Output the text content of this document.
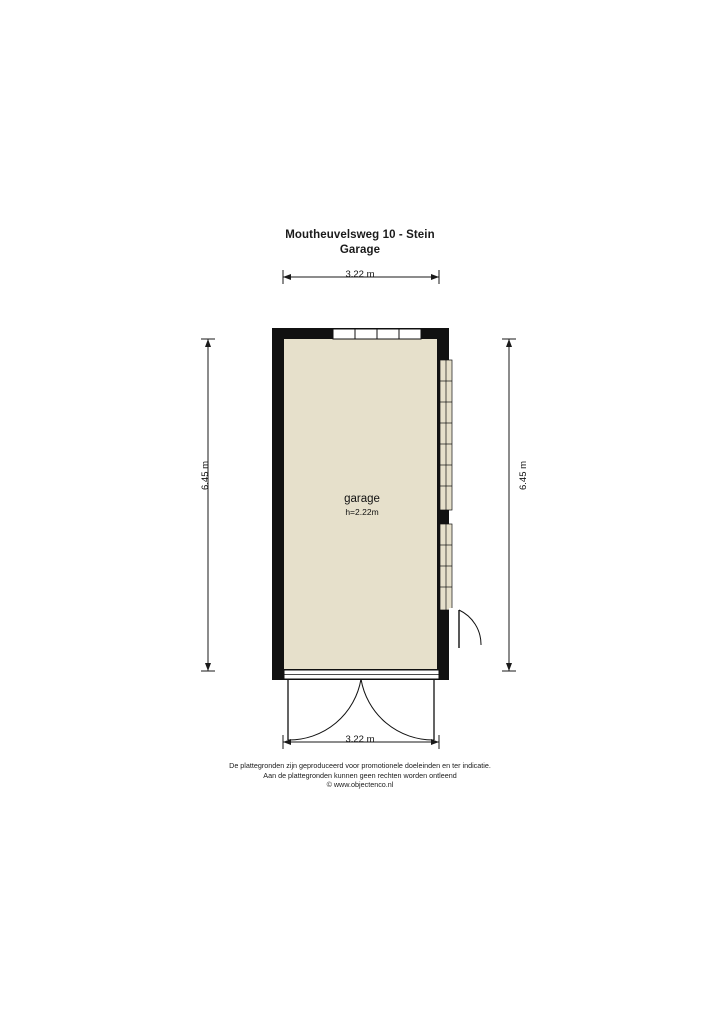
Moutheuvelsweg 10 - Stein
Garage
3.22 m
3.22 m
6.45 m	6.45 m
garage
h=2.22m
De plattegronden zijn geproduceerd voor promotionele doeleinden en ter indicatie.
Aan de plattegronden kunnen geen rechten worden ontleend
© www.objectenco.nl
